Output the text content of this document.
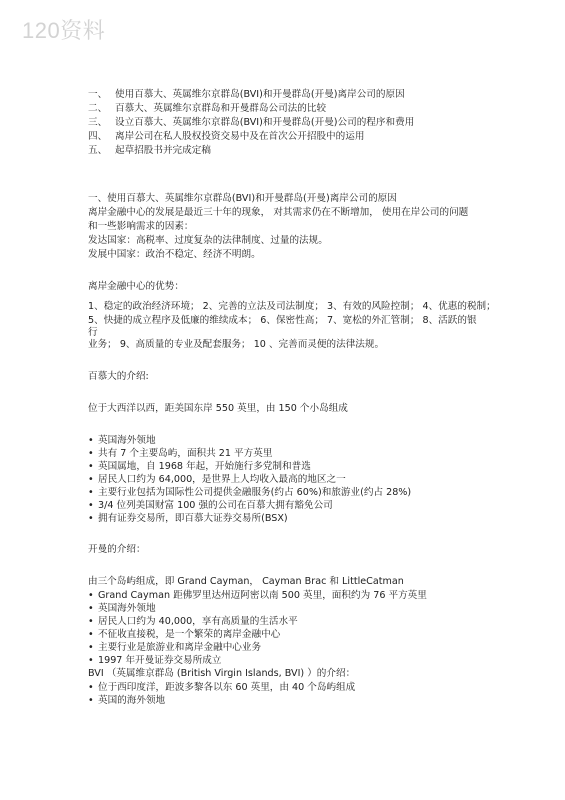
120资料
一、 使用百慕大、英属维尔京群岛(BVI)和开曼群岛(开曼)离岸公司的原因
二、 百慕大、英属维尔京群岛和开曼群岛公司法的比较
三、 设立百慕大、英属维尔京群岛(BVI)和开曼群岛(开曼)公司的程序和费用
四、 离岸公司在私人股权投资交易中及在首次公开招股中的运用
五、 起草招股书并完成定稿
一、使用百慕大、英属维尔京群岛(BVI)和开曼群岛(开曼)离岸公司的原因
离岸金融中心的发展是最近三十年的现象， 对其需求仍在不断增加， 使用在岸公司的问题
和一些影响需求的因素：
发达国家：高税率、过度复杂的法律制度、过量的法规。
发展中国家：政治不稳定、经济不明朗。
离岸金融中心的优势：
1、稳定的政治经济环境； 2、完善的立法及司法制度； 3、有效的风险控制； 4、优惠的税制；
5、快捷的成立程序及低廉的维续成本； 6、保密性高； 7、宽松的外汇管制； 8、活跃的银
行
业务； 9、高质量的专业及配套服务； 10 、完善而灵便的法律法规。
百慕大的介绍:
位于大西洋以西，距美国东岸 550 英里，由 150 个小岛组成
• 英国海外领地
• 共有 7 个主要岛屿，面积共 21 平方英里
• 英国属地，自 1968 年起，开始施行多党制和普选
• 居民人口约为 64,000，是世界上人均收入最高的地区之一
• 主要行业包括为国际性公司提供金融服务(约占 60%)和旅游业(约占 28%)
• 3/4 位列美国财富 100 强的公司在百慕大拥有豁免公司
• 拥有证券交易所，即百慕大证券交易所(BSX)
开曼的介绍：
由三个岛屿组成，即 Grand Cayman， Cayman Brac 和 LittleCatman
• Grand Cayman 距佛罗里达州迈阿密以南 500 英里，面积约为 76 平方英里
• 英国海外领地
• 居民人口约为 40,000，享有高质量的生活水平
• 不征收直接税，是一个繁荣的离岸金融中心
• 主要行业是旅游业和离岸金融中心业务
• 1997 年开曼证券交易所成立
BVI （英属维京群岛 (British Virgin Islands, BVI) ）的介绍：
• 位于西印度洋，距波多黎各以东 60 英里，由 40 个岛屿组成
• 英国的海外领地
